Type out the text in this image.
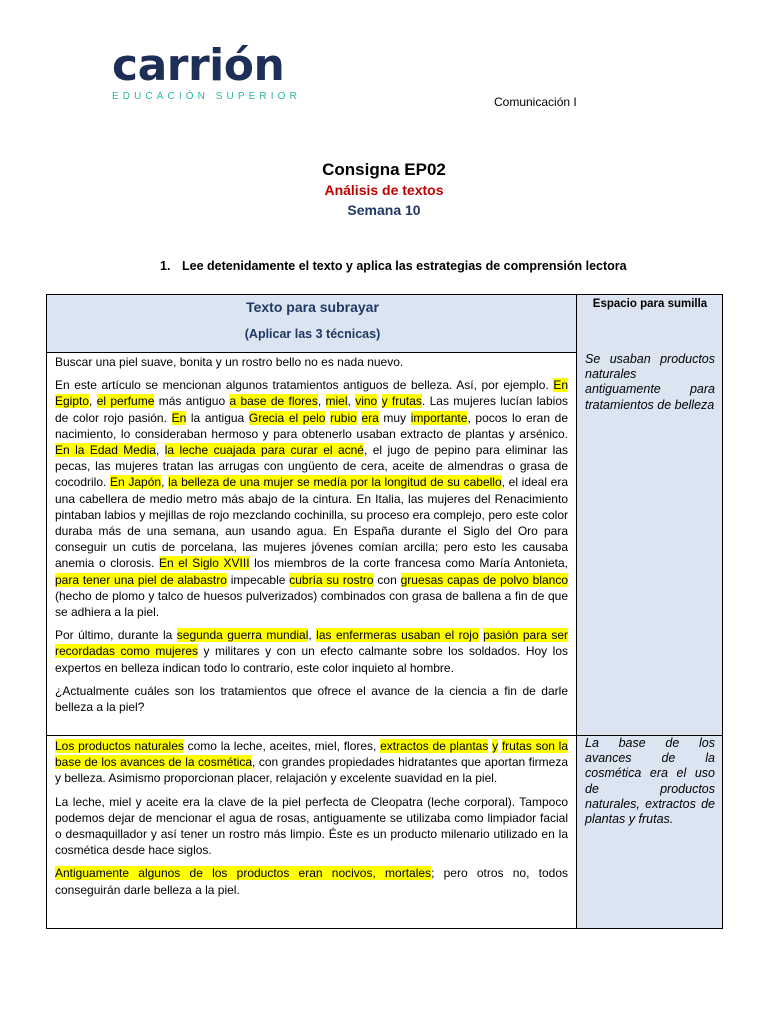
carrión
EDUCACIÓN SUPERIOR	Comunicación I
Consigna EP02
Análisis de textos
Semana 10
1. Lee detenidamente el texto y aplica las estrategias de comprensión lectora
Texto para subrayar
(Aplicar las 3 técnicas)
Espacio para sumilla

Buscar una piel suave, bonita y un rostro bello no es nada nuevo.

En este artículo se mencionan algunos tratamientos antiguos de belleza. Así, por ejemplo. En Egipto, el perfume más antiguo a base de flores, miel, vino y frutas. Las mujeres lucían labios de color rojo pasión. En la antigua Grecia el pelo rubio era muy importante, pocos lo eran de nacimiento, lo consideraban hermoso y para obtenerlo usaban extracto de plantas y arsénico. En la Edad Media, la leche cuajada para curar el acné, el jugo de pepino para eliminar las pecas, las mujeres tratan las arrugas con ungüento de cera, aceite de almendras o grasa de cocodrilo. En Japón, la belleza de una mujer se medía por la longitud de su cabello, el ideal era una cabellera de medio metro más abajo de la cintura. En Italia, las mujeres del Renacimiento pintaban labios y mejillas de rojo mezclando cochinilla, su proceso era complejo, pero este color duraba más de una semana, aun usando agua. En España durante el Siglo del Oro para conseguir un cutis de porcelana, las mujeres jóvenes comían arcilla; pero esto les causaba anemia o clorosis. En el Siglo XVIII los miembros de la corte francesa como María Antonieta, para tener una piel de alabastro impecable cubría su rostro con gruesas capas de polvo blanco (hecho de plomo y talco de huesos pulverizados) combinados con grasa de ballena a fin de que se adhiera a la piel.

Por último, durante la segunda guerra mundial, las enfermeras usaban el rojo pasión para ser recordadas como mujeres y militares y con un efecto calmante sobre los soldados. Hoy los expertos en belleza indican todo lo contrario, este color inquieto al hombre.

¿Actualmente cuáles son los tratamientos que ofrece el avance de la ciencia a fin de darle belleza a la piel?

Se usaban productos naturales antiguamente para tratamientos de belleza

Los productos naturales como la leche, aceites, miel, flores, extractos de plantas y frutas son la base de los avances de la cosmética, con grandes propiedades hidratantes que aportan firmeza y belleza. Asimismo proporcionan placer, relajación y excelente suavidad en la piel.

La leche, miel y aceite era la clave de la piel perfecta de Cleopatra (leche corporal). Tampoco podemos dejar de mencionar el agua de rosas, antiguamente se utilizaba como limpiador facial o desmaquillador y así tener un rostro más limpio. Éste es un producto milenario utilizado en la cosmética desde hace siglos.

Antiguamente algunos de los productos eran nocivos, mortales; pero otros no, todos conseguirán darle belleza a la piel.

La base de los avances de la cosmética era el uso de productos naturales, extractos de plantas y frutas.
